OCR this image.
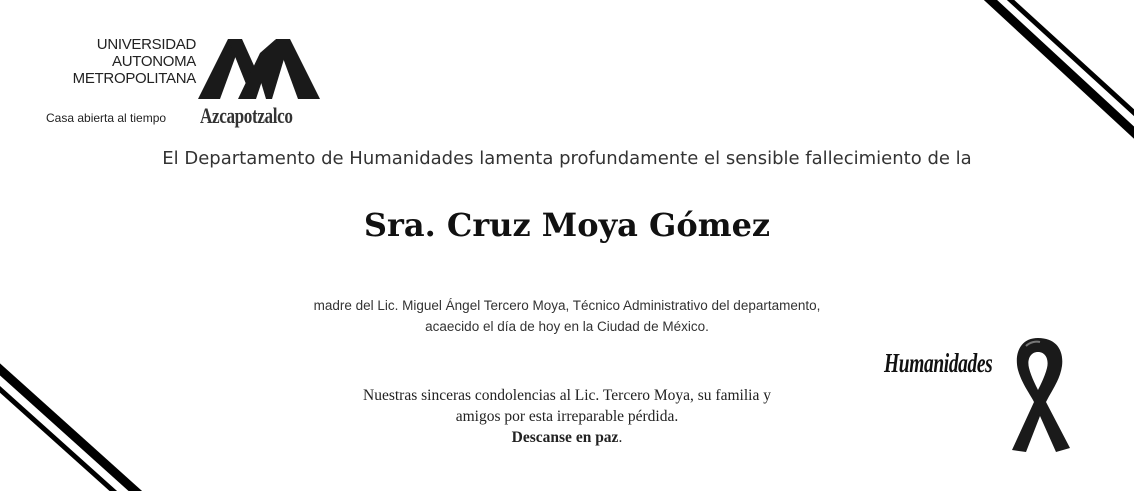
UNIVERSIDAD
AUTONOMA
METROPOLITANA
Casa abierta al tiempo Azcapotzalco
El Departamento de Humanidades lamenta profundamente el sensible fallecimiento de la
Sra. Cruz Moya Gómez
madre del Lic. Miguel Ángel Tercero Moya, Técnico Administrativo del departamento,
acaecido el día de hoy en la Ciudad de México.
Nuestras sinceras condolencias al Lic. Tercero Moya, su familia y
amigos por esta irreparable pérdida.
Descanse en paz.
Humanidades
